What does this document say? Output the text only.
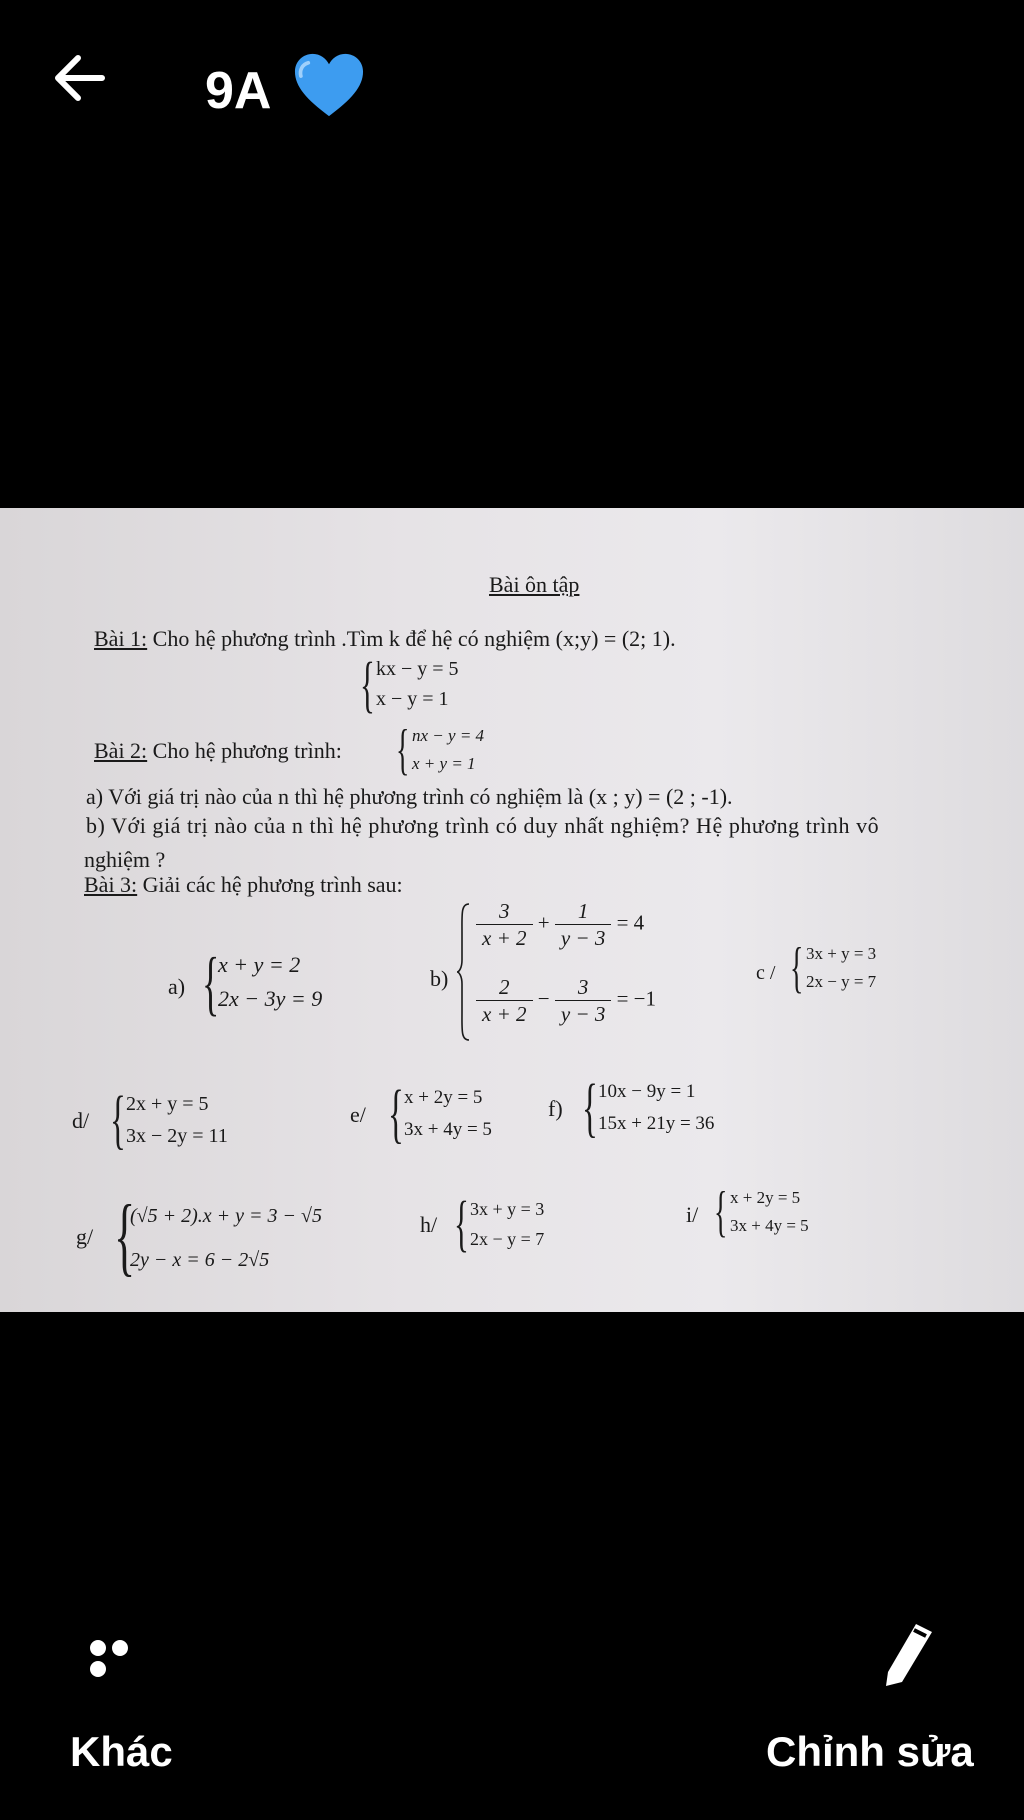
9A
Bài ôn tập
Bài 1: Cho hệ phương trình .Tìm k để hệ có nghiệm (x;y) = (2; 1).
{ kx − y = 5
x − y = 1
Bài 2: Cho hệ phương trình: { nx − y = 4
x + y = 1
a) Với giá trị nào của n thì hệ phương trình có nghiệm là (x ; y) = (2 ; -1).
b) Với giá trị nào của n thì hệ phương trình có duy nhất nghiệm? Hệ phương trình vô
nghiệm ?
Bài 3: Giải các hệ phương trình sau:
a) {
x + y = 2
2x − 3y = 9
b)
$\frac{3}{x + 2} + \frac{1}{y - 3} = 4$
$\frac{2}{x + 2} - \frac{3}{y - 3} = -1$
c / { 3x + y = 3
2x − y = 7
d/ { 2x + y = 5
3x − 2y = 11
e/ { x + 2y = 5
3x + 4y = 5
f) { 10x − 9y = 1
15x + 21y = 36
g/ {
(√5 + 2).x + y = 3 − √5
2y − x = 6 − 2√5
h/ { 3x + y = 3
2x − y = 7
i/ { x + 2y = 5
3x + 4y = 5
Khác	Chỉnh sửa
